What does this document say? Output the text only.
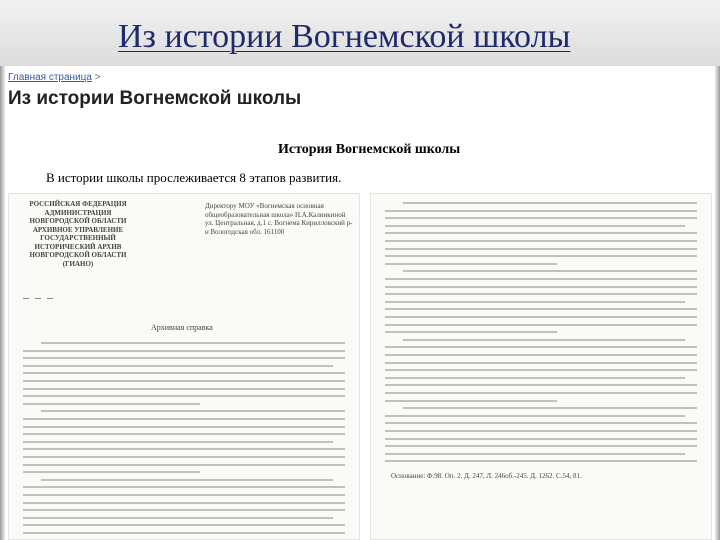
Из истории Вогнемской школы
Главная страница >
Из истории Вогнемской школы
История Вогнемской школы
В истории школы прослеживается 8 этапов развития.
РОССИЙСКАЯ ФЕДЕРАЦИЯ АДМИНИСТРАЦИЯ НОВГОРОДСКОЙ ОБЛАСТИ АРХИВНОЕ УПРАВЛЕНИЕ ГОСУДАРСТВЕННЫЙ ИСТОРИЧЕСКИЙ АРХИВ НОВГОРОДСКОЙ ОБЛАСТИ (ГИАНО)
Директору МОУ «Вогнемская основная общеобразовательная школа» Н.А.Калинкиной ул. Центральная, д.1 с. Вогнема Кирилловский р-н Вологодская обл. 161100
— — —
Архивная справка
Основание: Ф.98. Оп. 2. Д. 247, Л. 246об.-245. Д. 1262. С.54, 81.
